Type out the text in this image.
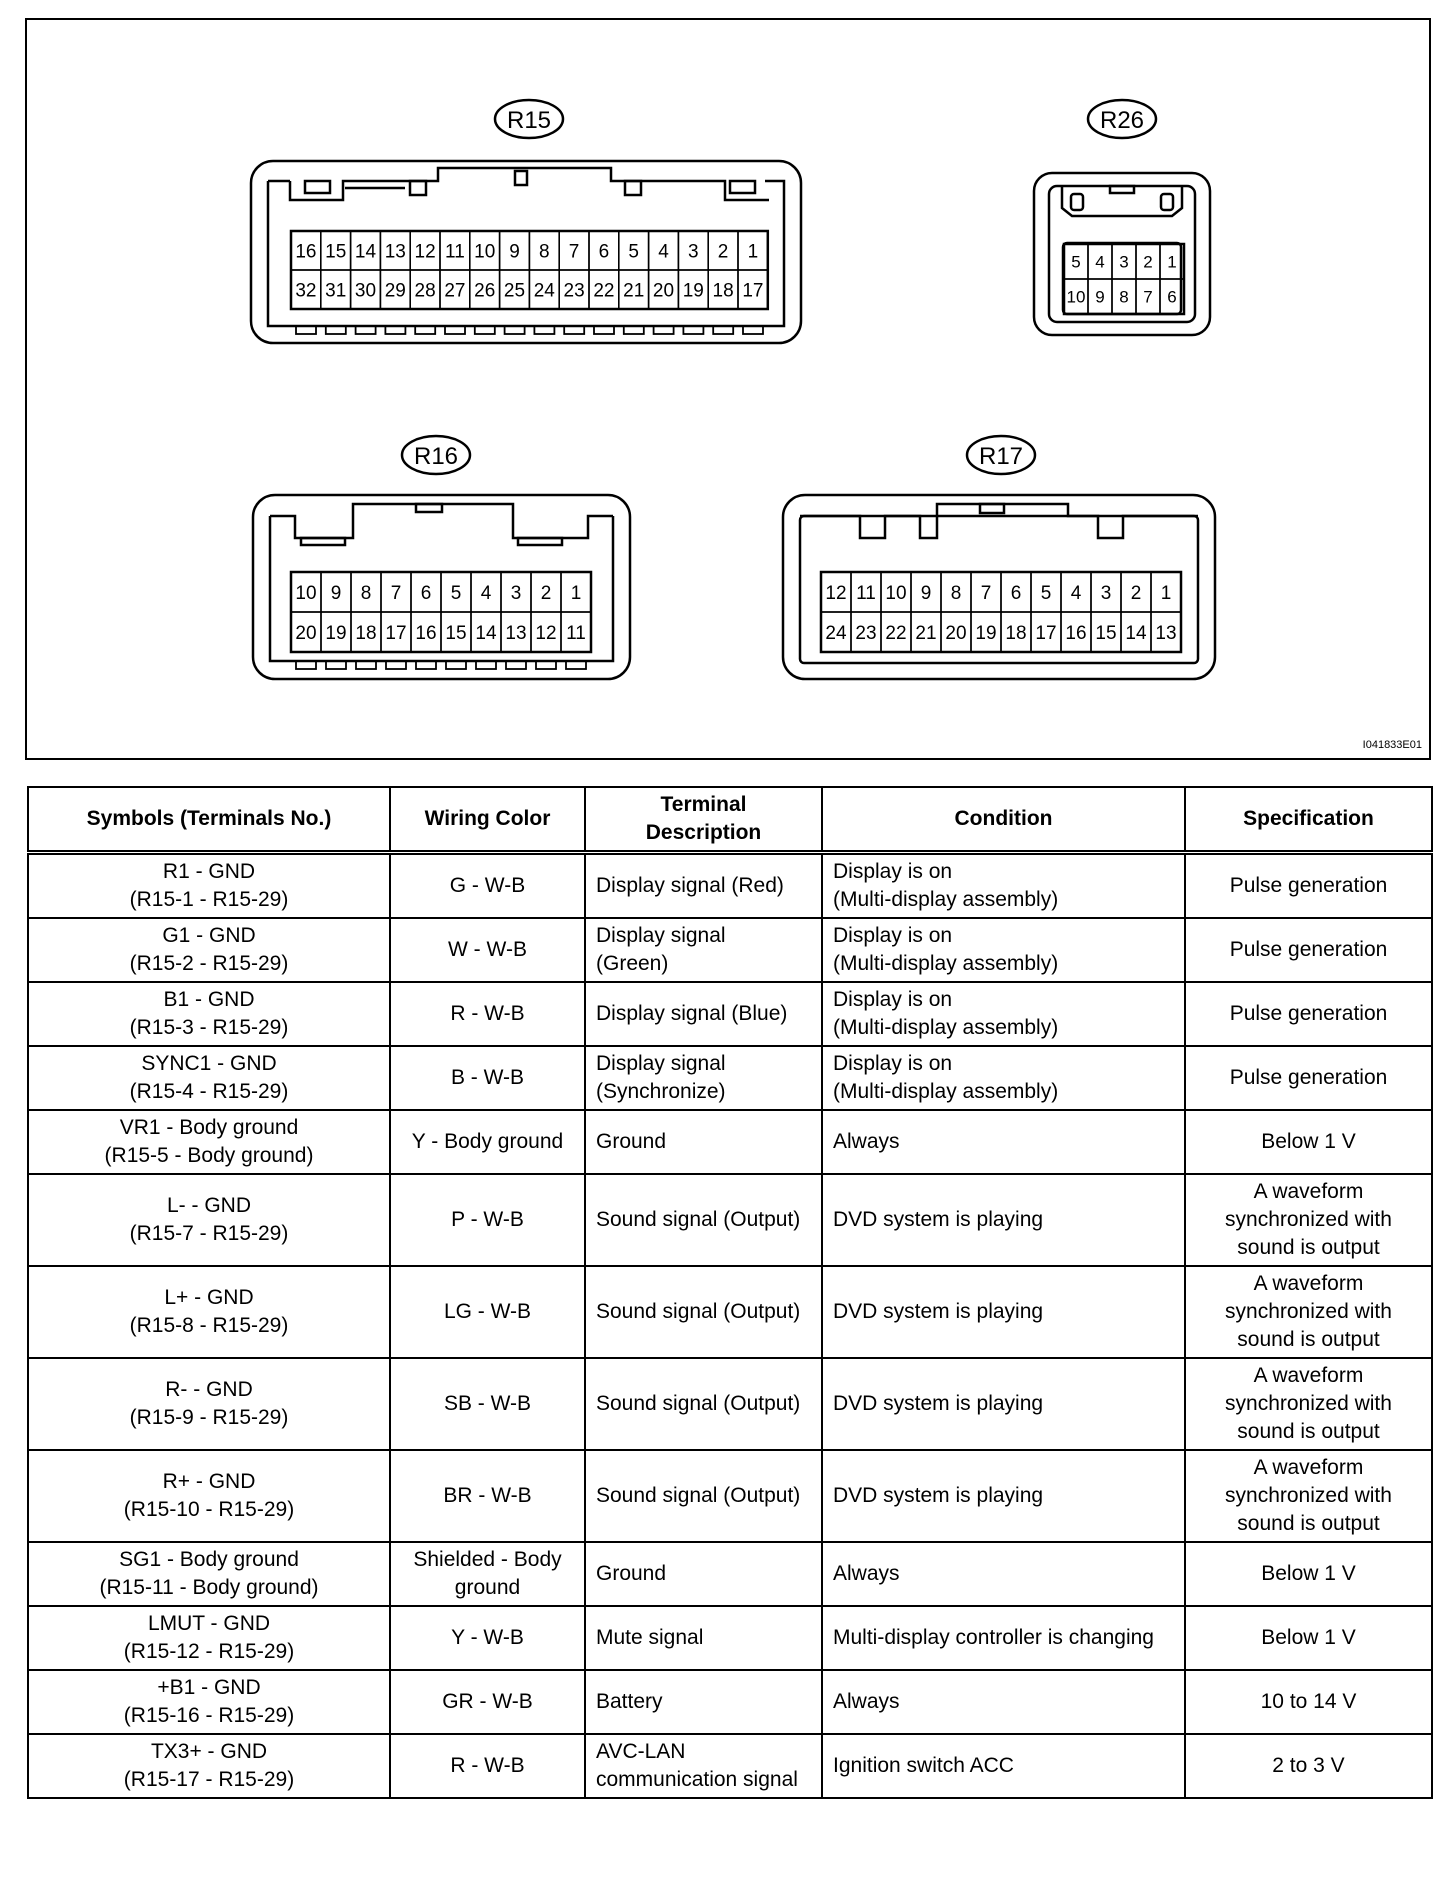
16 15 14 13 12 11 10 9 8 7 6 5 4 3 2 1
32 31 30 29 28 27 26 25 24 23 22 21 20 19 18 17
R15
5 4 3 2 1
10 9 8 7 6
R26
10 9 8 7 6 5 4 3 2 1
20 19 18 17 16 15 14 13 12 11
R16
12 11 10 9 8 7 6 5 4 3 2 1
24 23 22 21 20 19 18 17 16 15 14 13
R17
I041833E01
Symbols (Terminals No.)	Wiring Color	Terminal
Description	Condition	Specification

R1 - GND
(R15-1 - R15-29)	G - W-B	Display signal (Red)	Display is on
(Multi-display assembly)	Pulse generation

G1 - GND
(R15-2 - R15-29)	W - W-B	Display signal
(Green)	Display is on
(Multi-display assembly)	Pulse generation

B1 - GND
(R15-3 - R15-29)	R - W-B	Display signal (Blue)	Display is on
(Multi-display assembly)	Pulse generation

SYNC1 - GND
(R15-4 - R15-29)	B - W-B	Display signal
(Synchronize)	Display is on
(Multi-display assembly)	Pulse generation

VR1 - Body ground
(R15-5 - Body ground)	Y - Body ground	Ground	Always	Below 1 V

L- - GND
(R15-7 - R15-29)	P - W-B	Sound signal (Output)	DVD system is playing	A waveform
synchronized with
sound is output

L+ - GND
(R15-8 - R15-29)	LG - W-B	Sound signal (Output)	DVD system is playing	A waveform
synchronized with
sound is output

R- - GND
(R15-9 - R15-29)	SB - W-B	Sound signal (Output)	DVD system is playing	A waveform
synchronized with
sound is output

R+ - GND
(R15-10 - R15-29)	BR - W-B	Sound signal (Output)	DVD system is playing	A waveform
synchronized with
sound is output

SG1 - Body ground
(R15-11 - Body ground)	Shielded - Body
ground	Ground	Always	Below 1 V

LMUT - GND
(R15-12 - R15-29)	Y - W-B	Mute signal	Multi-display controller is changing	Below 1 V

+B1 - GND
(R15-16 - R15-29)	GR - W-B	Battery	Always	10 to 14 V

TX3+ - GND
(R15-17 - R15-29)	R - W-B	AVC-LAN
communication signal	Ignition switch ACC	2 to 3 V
